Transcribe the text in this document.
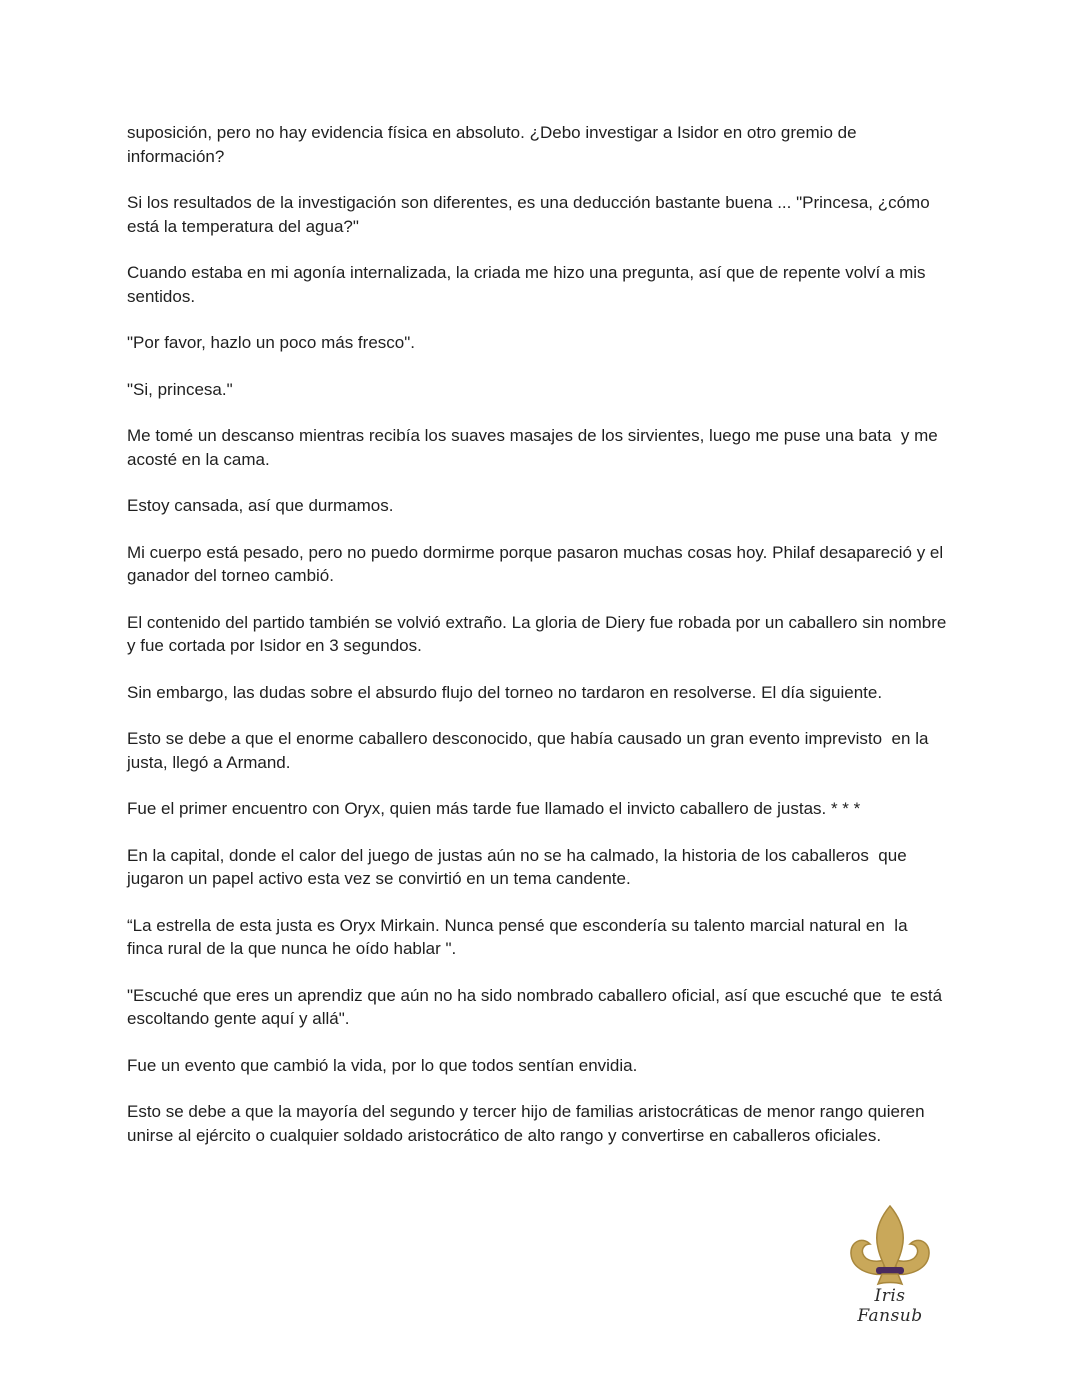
suposición, pero no hay evidencia física en absoluto. ¿Debo investigar a Isidor en otro gremio de información?

Si los resultados de la investigación son diferentes, es una deducción bastante buena ... "Princesa, ¿cómo está la temperatura del agua?"

Cuando estaba en mi agonía internalizada, la criada me hizo una pregunta, así que de repente volví a mis sentidos.

"Por favor, hazlo un poco más fresco".

"Si, princesa."

Me tomé un descanso mientras recibía los suaves masajes de los sirvientes, luego me puse una bata  y me acosté en la cama.

Estoy cansada, así que durmamos.

Mi cuerpo está pesado, pero no puedo dormirme porque pasaron muchas cosas hoy. Philaf desapareció y el ganador del torneo cambió.

El contenido del partido también se volvió extraño. La gloria de Diery fue robada por un caballero sin nombre y fue cortada por Isidor en 3 segundos.

Sin embargo, las dudas sobre el absurdo flujo del torneo no tardaron en resolverse. El día siguiente.

Esto se debe a que el enorme caballero desconocido, que había causado un gran evento imprevisto  en la justa, llegó a Armand.

Fue el primer encuentro con Oryx, quien más tarde fue llamado el invicto caballero de justas. * * *

En la capital, donde el calor del juego de justas aún no se ha calmado, la historia de los caballeros  que jugaron un papel activo esta vez se convirtió en un tema candente.

“La estrella de esta justa es Oryx Mirkain. Nunca pensé que escondería su talento marcial natural en  la finca rural de la que nunca he oído hablar ".

"Escuché que eres un aprendiz que aún no ha sido nombrado caballero oficial, así que escuché que  te está escoltando gente aquí y allá".

Fue un evento que cambió la vida, por lo que todos sentían envidia.

Esto se debe a que la mayoría del segundo y tercer hijo de familias aristocráticas de menor rango quieren unirse al ejército o cualquier soldado aristocrático de alto rango y convertirse en caballeros oficiales.

Iris Fansub
